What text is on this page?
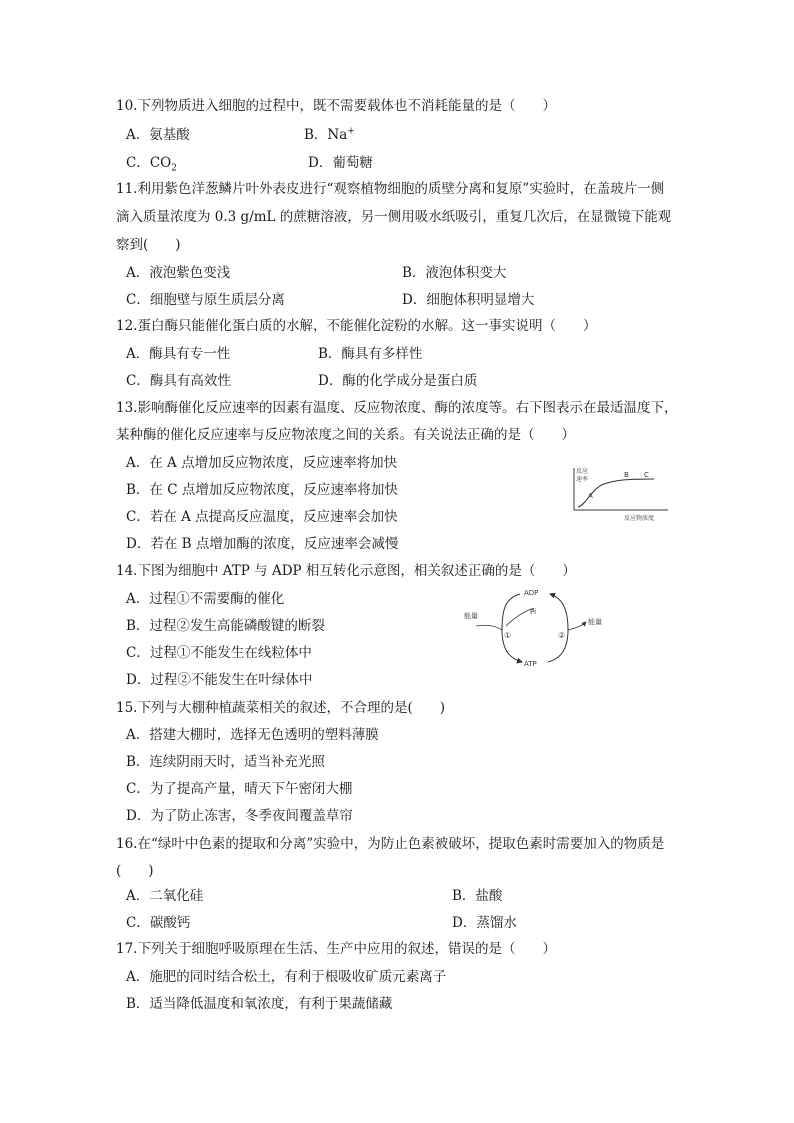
10.下列物质进入细胞的过程中，既不需要载体也不消耗能量的是（　　）
A．氨基酸	B．Na+
C．$CO_2$	D．葡萄糖
11.利用紫色洋葱鳞片叶外表皮进行“观察植物细胞的质壁分离和复原”实验时，在盖玻片一侧
滴入质量浓度为 0.3 g/mL 的蔗糖溶液，另一侧用吸水纸吸引，重复几次后，在显微镜下能观
察到(　　)
A．液泡紫色变浅	B．液泡体积变大
C．细胞壁与原生质层分离	D．细胞体积明显增大
12.蛋白酶只能催化蛋白质的水解，不能催化淀粉的水解。这一事实说明（　　）
A．酶具有专一性	B．酶具有多样性
C．酶具有高效性	D．酶的化学成分是蛋白质
13.影响酶催化反应速率的因素有温度、反应物浓度、酶的浓度等。右下图表示在最适温度下，
某种酶的催化反应速率与反应物浓度之间的关系。有关说法正确的是（　　）
A．在 A 点增加反应物浓度，反应速率将加快
B．在 C 点增加反应物浓度，反应速率将加快
C．若在 A 点提高反应温度，反应速率会加快
D．若在 B 点增加酶的浓度，反应速率会减慢
反应
速率
A
B C
反应物浓度
14.下图为细胞中 ATP 与 ADP 相互转化示意图，相关叙述正确的是（　　）
A．过程①不需要酶的催化
B．过程②发生高能磷酸键的断裂
C．过程①不能发生在线粒体中
D．过程②不能发生在叶绿体中
ADP
Pi
ATP
能量
能量
①	②
15.下列与大棚种植蔬菜相关的叙述，不合理的是(　　)
A．搭建大棚时，选择无色透明的塑料薄膜
B．连续阴雨天时，适当补充光照
C．为了提高产量，晴天下午密闭大棚
D．为了防止冻害，冬季夜间覆盖草帘
16.在“绿叶中色素的提取和分离”实验中，为防止色素被破坏，提取色素时需要加入的物质是
(　　)
A．二氧化硅	B．盐酸
C．碳酸钙	D．蒸馏水
17.下列关于细胞呼吸原理在生活、生产中应用的叙述，错误的是（　　）
A．施肥的同时结合松土，有利于根吸收矿质元素离子
B．适当降低温度和氧浓度，有利于果蔬储藏
